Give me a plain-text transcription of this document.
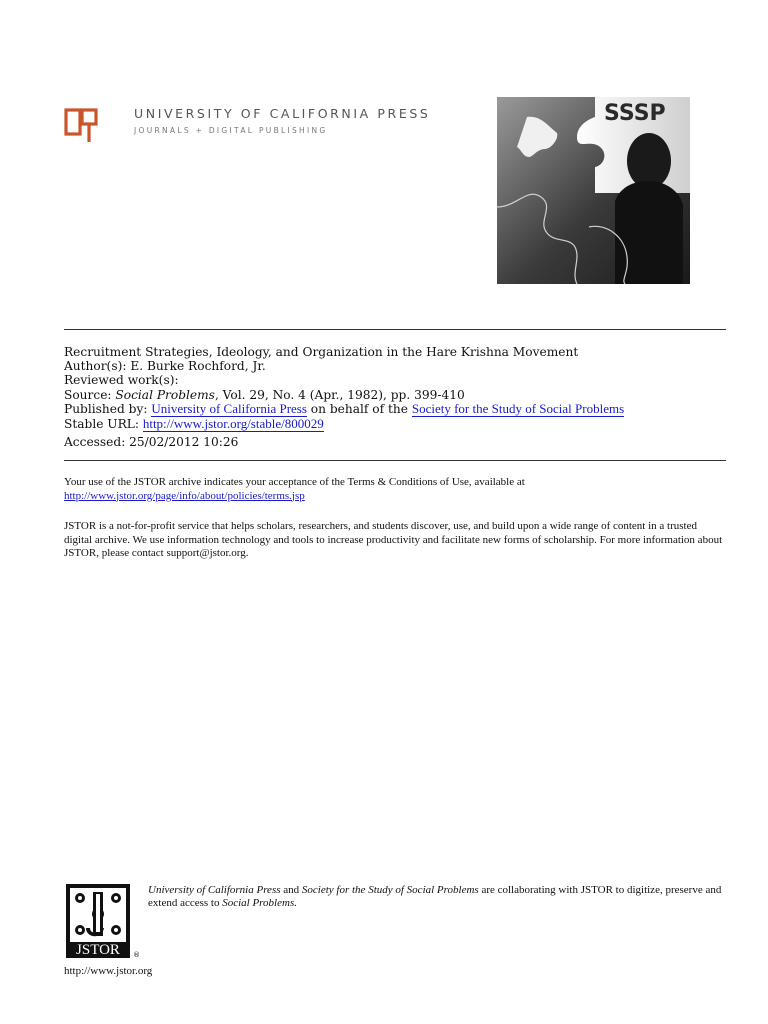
UNIVERSITY OF CALIFORNIA PRESS
JOURNALS + DIGITAL PUBLISHING
SSSP
Recruitment Strategies, Ideology, and Organization in the Hare Krishna Movement
Author(s): E. Burke Rochford, Jr.
Reviewed work(s):
Source: Social Problems, Vol. 29, No. 4 (Apr., 1982), pp. 399-410
Published by: University of California Press on behalf of the Society for the Study of Social Problems
Stable URL: http://www.jstor.org/stable/800029
Accessed: 25/02/2012 10:26
Your use of the JSTOR archive indicates your acceptance of the Terms & Conditions of Use, available at
http://www.jstor.org/page/info/about/policies/terms.jsp
JSTOR is a not-for-profit service that helps scholars, researchers, and students discover, use, and build upon a wide range of content in a trusted digital archive. We use information technology and tools to increase productivity and facilitate new forms of scholarship. For more information about JSTOR, please contact support@jstor.org.
JSTOR ®
University of California Press and Society for the Study of Social Problems are collaborating with JSTOR to digitize, preserve and extend access to Social Problems.
http://www.jstor.org
